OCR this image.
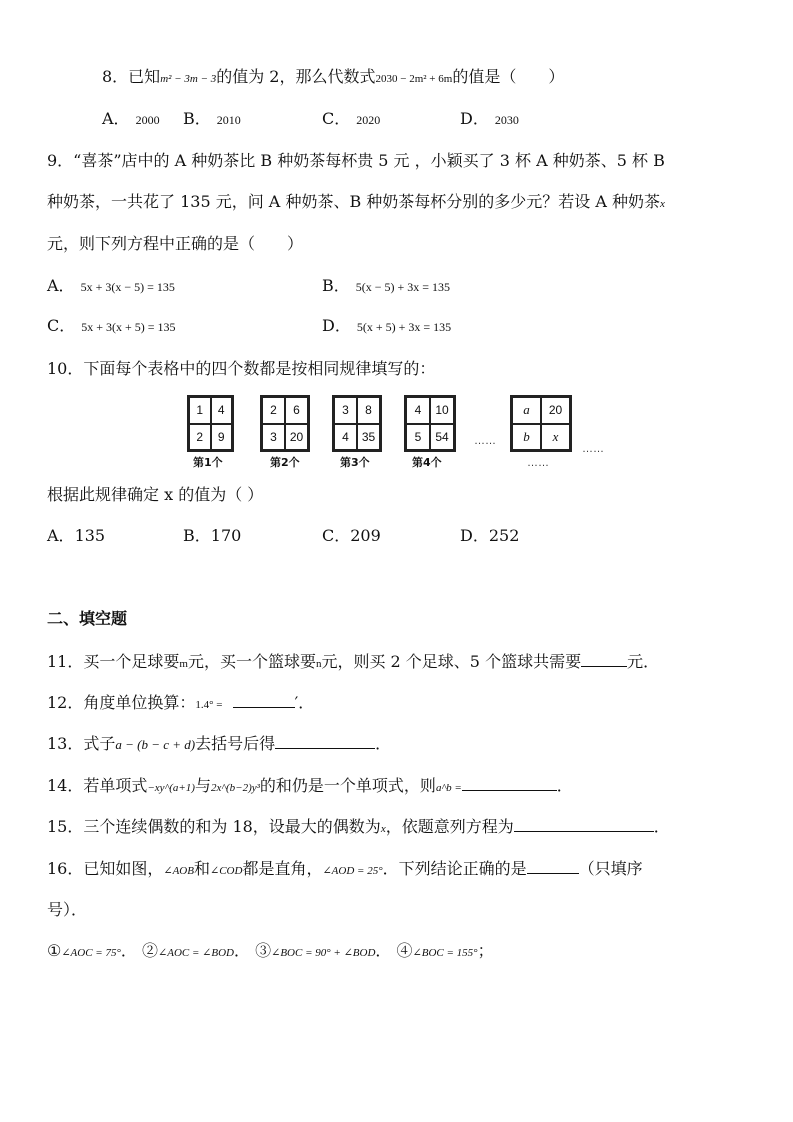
8．已知m² − 3m − 3的值为 2，那么代数式2030 − 2m² + 6m的值是（　　）
A． 2000 B． 2010	C． 2020	D． 2030
9．“喜茶”店中的 A 种奶茶比 B 种奶茶每杯贵 5 元 ，小颖买了 3 杯 A 种奶茶、5 杯 B
种奶茶，一共花了 135 元，问 A 种奶茶、B 种奶茶每杯分别的多少元？若设 A 种奶茶x
元，则下列方程中正确的是（　　）
A． 5x + 3(x − 5) = 135	B． 5(x − 5) + 3x = 135
C． 5x + 3(x + 5) = 135	D． 5(x + 5) + 3x = 135
10．下面每个表格中的四个数都是按相同规律填写的：
1	4
2	9
第1个
2	6
3	20
第2个
3	8
4	35
第3个
4	10
5	54
第4个
……
a	20
b	x
……
……
根据此规律确定 x 的值为（ ）
A．135	B．170	C．209	D．252
二、填空题
11．买一个足球要m元，买一个篮球要n元，则买 2 个足球、5 个篮球共需要	元．
12．角度单位换算：1.4° =	′．
13．式子a − (b − c + d)去括号后得	．
14．若单项式−xy^(a+1)与2x^(b−2)y³的和仍是一个单项式，则a^b =	．
15．三个连续偶数的和为 18，设最大的偶数为x，依题意列方程为	．
16．已知如图，∠AOB和∠COD都是直角，∠AOD = 25°．下列结论正确的是	（只填序
号）．
①∠AOC = 75°． ②∠AOC = ∠BOD． ③∠BOC = 90° + ∠BOD． ④∠BOC = 155°；
